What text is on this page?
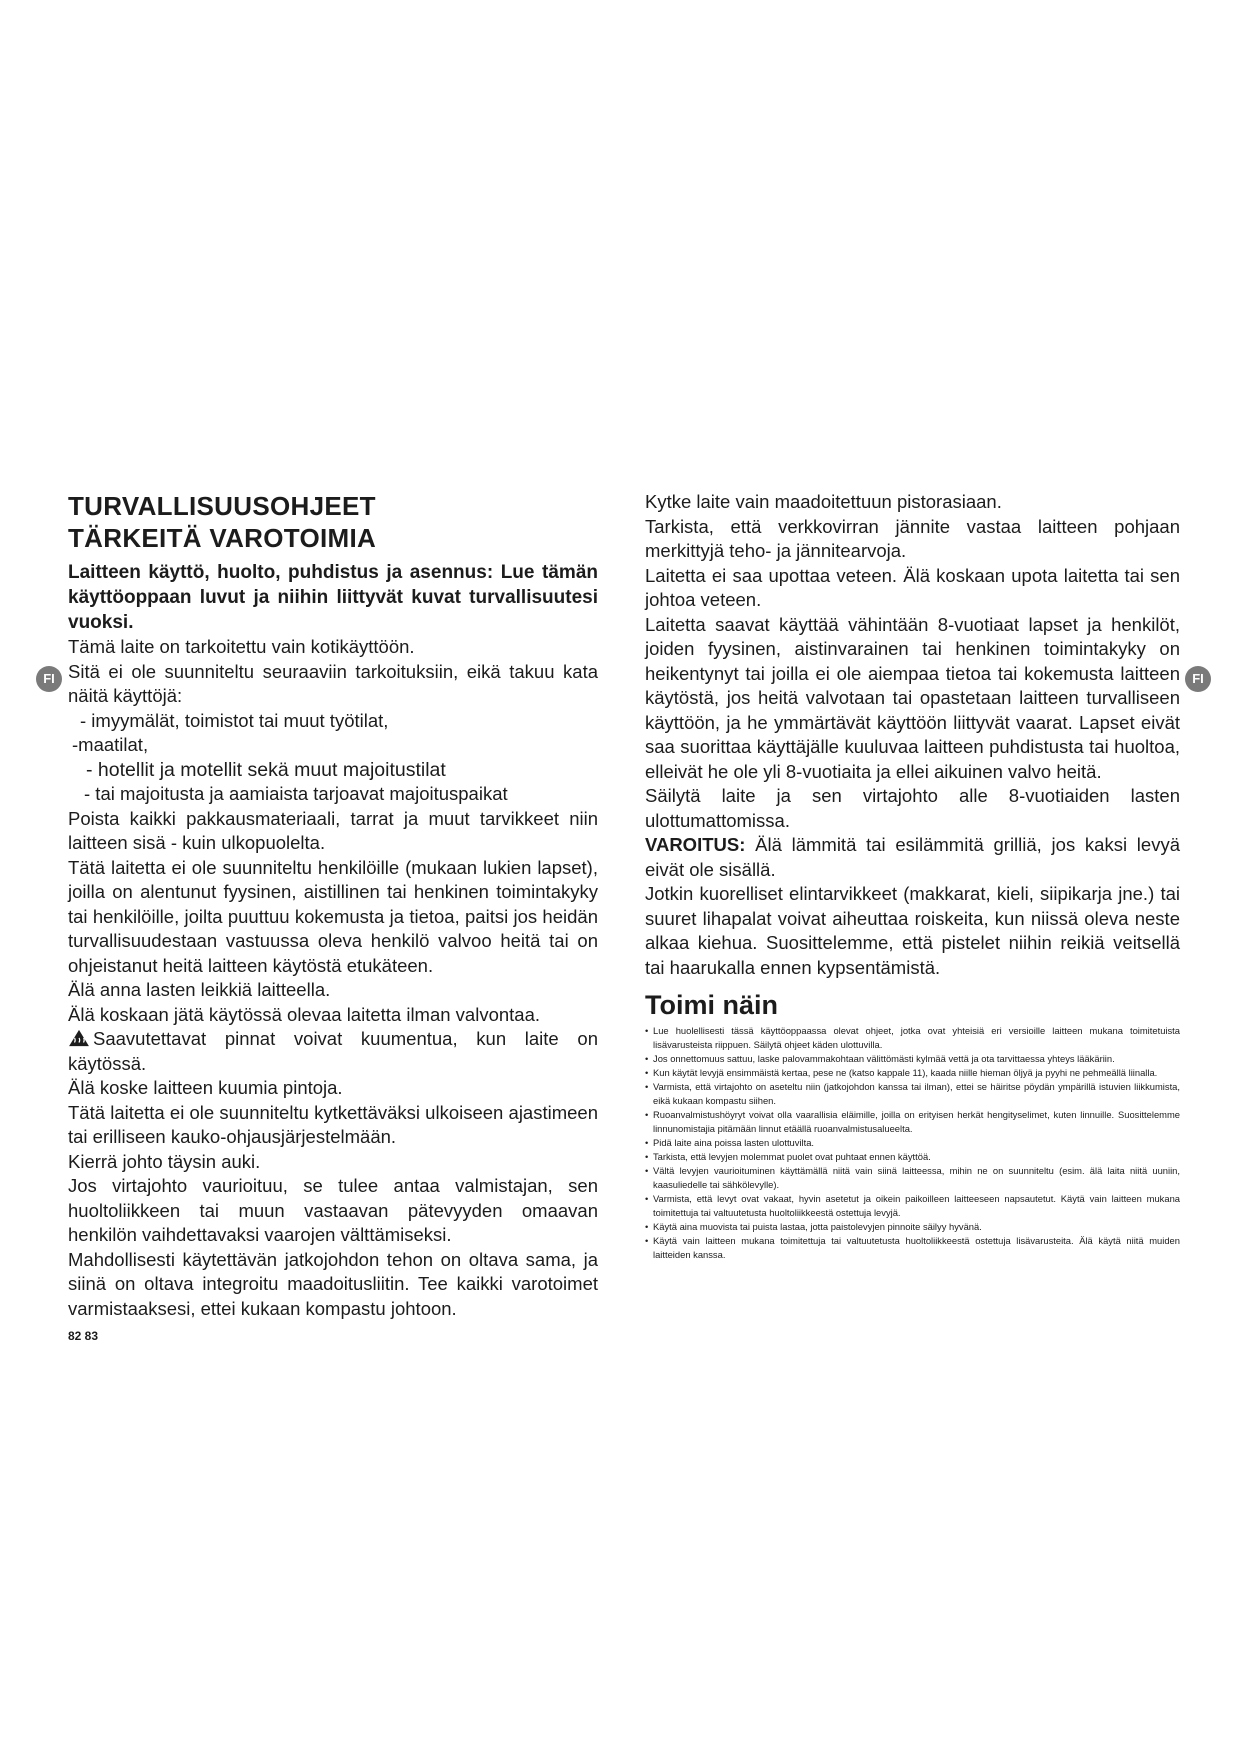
FI	FI
TURVALLISUUSOHJEET
TÄRKEITÄ VAROTOIMIA
Laitteen käyttö, huolto, puhdistus ja asennus: Lue tämän käyttöoppaan luvut ja niihin liittyvät kuvat turvallisuutesi vuoksi.

Tämä laite on tarkoitettu vain kotikäyttöön.

Sitä ei ole suunniteltu seuraaviin tarkoituksiin, eikä takuu kata näitä käyttöjä:

- imyymälät, toimistot tai muut työtilat,
-maatilat,
- hotellit ja motellit sekä muut majoitustilat
- tai majoitusta ja aamiaista tarjoavat majoituspaikat

Poista kaikki pakkausmateriaali, tarrat ja muut tarvikkeet niin laitteen sisä - kuin ulkopuolelta.

Tätä laitetta ei ole suunniteltu henkilöille (mukaan lukien lapset), joilla on alentunut fyysinen, aistillinen tai henkinen toimintakyky tai henkilöille, joilta puuttuu kokemusta ja tietoa, paitsi jos heidän turvallisuudestaan vastuussa oleva henkilö valvoo heitä tai on ohjeistanut heitä laitteen käytöstä etukäteen.

Älä anna lasten leikkiä laitteella.

Älä koskaan jätä käytössä olevaa laitetta ilman valvontaa.

Saavutettavat pinnat voivat kuumentua, kun laite on käytössä.

Älä koske laitteen kuumia pintoja.

Tätä laitetta ei ole suunniteltu kytkettäväksi ulkoiseen ajastimeen tai erilliseen kauko-ohjausjärjestelmään.

Kierrä johto täysin auki.

Jos virtajohto vaurioituu, se tulee antaa valmistajan, sen huoltoliikkeen tai muun vastaavan pätevyyden omaavan henkilön vaihdettavaksi vaarojen välttämiseksi.

Mahdollisesti käytettävän jatkojohdon tehon on oltava sama, ja siinä on oltava integroitu maadoitusliitin. Tee kaikki varotoimet varmistaaksesi, ettei kukaan kompastu johtoon.

82 83

Kytke laite vain maadoitettuun pistorasiaan.

Tarkista, että verkkovirran jännite vastaa laitteen pohjaan merkittyjä teho- ja jännitearvoja.

Laitetta ei saa upottaa veteen. Älä koskaan upota laitetta tai sen johtoa veteen.

Laitetta saavat käyttää vähintään 8-vuotiaat lapset ja henkilöt, joiden fyysinen, aistinvarainen tai henkinen toimintakyky on heikentynyt tai joilla ei ole aiempaa tietoa tai kokemusta laitteen käytöstä, jos heitä valvotaan tai opastetaan laitteen turvalliseen käyttöön, ja he ymmärtävät käyttöön liittyvät vaarat. Lapset eivät saa suorittaa käyttäjälle kuuluvaa laitteen puhdistusta tai huoltoa, elleivät he ole yli 8-vuotiaita ja ellei aikuinen valvo heitä.

Säilytä laite ja sen virtajohto alle 8-vuotiaiden lasten ulottumattomissa.

VAROITUS: Älä lämmitä tai esilämmitä grilliä, jos kaksi levyä eivät ole sisällä.

Jotkin kuorelliset elintarvikkeet (makkarat, kieli, siipikarja jne.) tai suuret lihapalat voivat aiheuttaa roiskeita, kun niissä oleva neste alkaa kiehua. Suosittelemme, että pistelet niihin reikiä veitsellä tai haarukalla ennen kypsentämistä.

Toimi näin
• Lue huolellisesti tässä käyttöoppaassa olevat ohjeet, jotka ovat yhteisiä eri versioille laitteen mukana toimitetuista lisävarusteista riippuen. Säilytä ohjeet käden ulottuvilla.
• Jos onnettomuus sattuu, laske palovammakohtaan välittömästi kylmää vettä ja ota tarvittaessa yhteys lääkäriin.
• Kun käytät levyjä ensimmäistä kertaa, pese ne (katso kappale 11), kaada niille hieman öljyä ja pyyhi ne pehmeällä liinalla.
• Varmista, että virtajohto on aseteltu niin (jatkojohdon kanssa tai ilman), ettei se häiritse pöydän ympärillä istuvien liikkumista, eikä kukaan kompastu siihen.
• Ruoanvalmistushöyryt voivat olla vaarallisia eläimille, joilla on erityisen herkät hengityselimet, kuten linnuille. Suosittelemme linnunomistajia pitämään linnut etäällä ruoanvalmistusalueelta.
• Pidä laite aina poissa lasten ulottuvilta.
• Tarkista, että levyjen molemmat puolet ovat puhtaat ennen käyttöä.
• Vältä levyjen vaurioituminen käyttämällä niitä vain siinä laitteessa, mihin ne on suunniteltu (esim. älä laita niitä uuniin, kaasuliedelle tai sähkölevylle).
• Varmista, että levyt ovat vakaat, hyvin asetetut ja oikein paikoilleen laitteeseen napsautetut. Käytä vain laitteen mukana toimitettuja tai valtuutetusta huoltoliikkeestä ostettuja levyjä.
• Käytä aina muovista tai puista lastaa, jotta paistolevyjen pinnoite säilyy hyvänä.
• Käytä vain laitteen mukana toimitettuja tai valtuutetusta huoltoliikkeestä ostettuja lisävarusteita. Älä käytä niitä muiden laitteiden kanssa.
